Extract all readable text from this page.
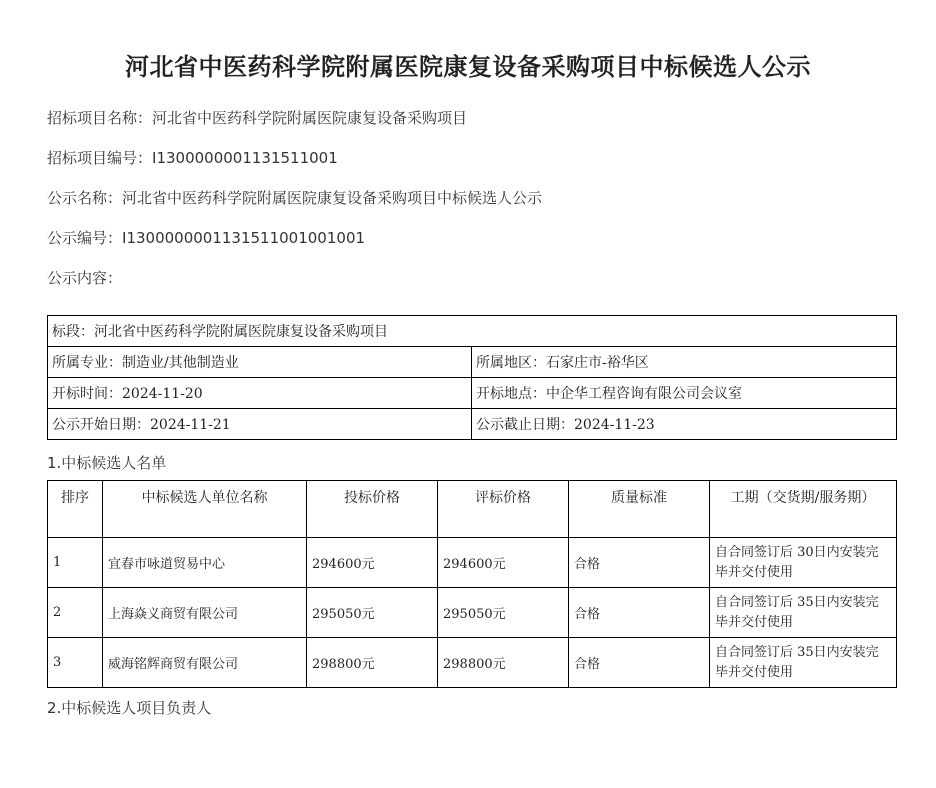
河北省中医药科学院附属医院康复设备采购项目中标候选人公示
招标项目名称：河北省中医药科学院附属医院康复设备采购项目
招标项目编号：I1300000001131511001
公示名称：河北省中医药科学院附属医院康复设备采购项目中标候选人公示
公示编号：I1300000001131511001001001
公示内容：
标段：河北省中医药科学院附属医院康复设备采购项目	
所属专业：制造业/其他制造业	所属地区：石家庄市-裕华区
开标时间：2024-11-20	开标地点：中企华工程咨询有限公司会议室
公示开始日期：2024-11-21	公示截止日期：2024-11-23
1.中标候选人名单
排序	中标候选人单位名称	投标价格	评标价格	质量标准	工期（交货期/服务期）
1	宜春市咏道贸易中心	294600元	294600元	合格	自合同签订后 30日内安装完毕并交付使用
2	上海焱义商贸有限公司	295050元	295050元	合格	自合同签订后 35日内安装完毕并交付使用
3	威海铭辉商贸有限公司	298800元	298800元	合格	自合同签订后 35日内安装完毕并交付使用
2.中标候选人项目负责人
